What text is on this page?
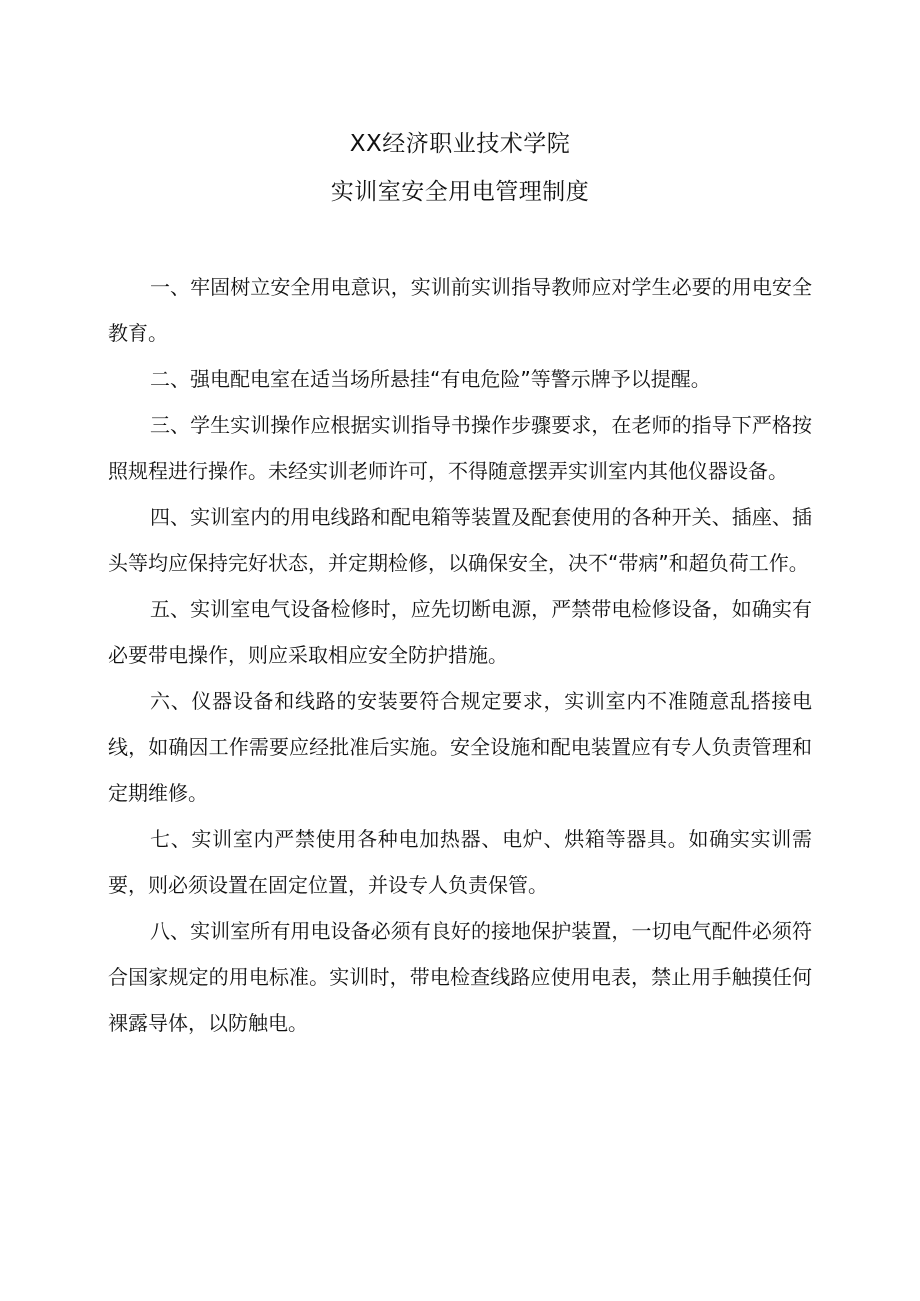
XX经济职业技术学院
实训室安全用电管理制度

一、牢固树立安全用电意识，实训前实训指导教师应对学生必要的用电安全教育。

二、强电配电室在适当场所悬挂“有电危险”等警示牌予以提醒。

三、学生实训操作应根据实训指导书操作步骤要求，在老师的指导下严格按照规程进行操作。未经实训老师许可，不得随意摆弄实训室内其他仪器设备。

四、实训室内的用电线路和配电箱等装置及配套使用的各种开关、插座、插头等均应保持完好状态，并定期检修，以确保安全，决不“带病”和超负荷工作。

五、实训室电气设备检修时，应先切断电源，严禁带电检修设备，如确实有必要带电操作，则应采取相应安全防护措施。

六、仪器设备和线路的安装要符合规定要求，实训室内不准随意乱搭接电线，如确因工作需要应经批准后实施。安全设施和配电装置应有专人负责管理和定期维修。

七、实训室内严禁使用各种电加热器、电炉、烘箱等器具。如确实实训需要，则必须设置在固定位置，并设专人负责保管。

八、实训室所有用电设备必须有良好的接地保护装置，一切电气配件必须符合国家规定的用电标准。实训时，带电检查线路应使用电表，禁止用手触摸任何裸露导体，以防触电。
